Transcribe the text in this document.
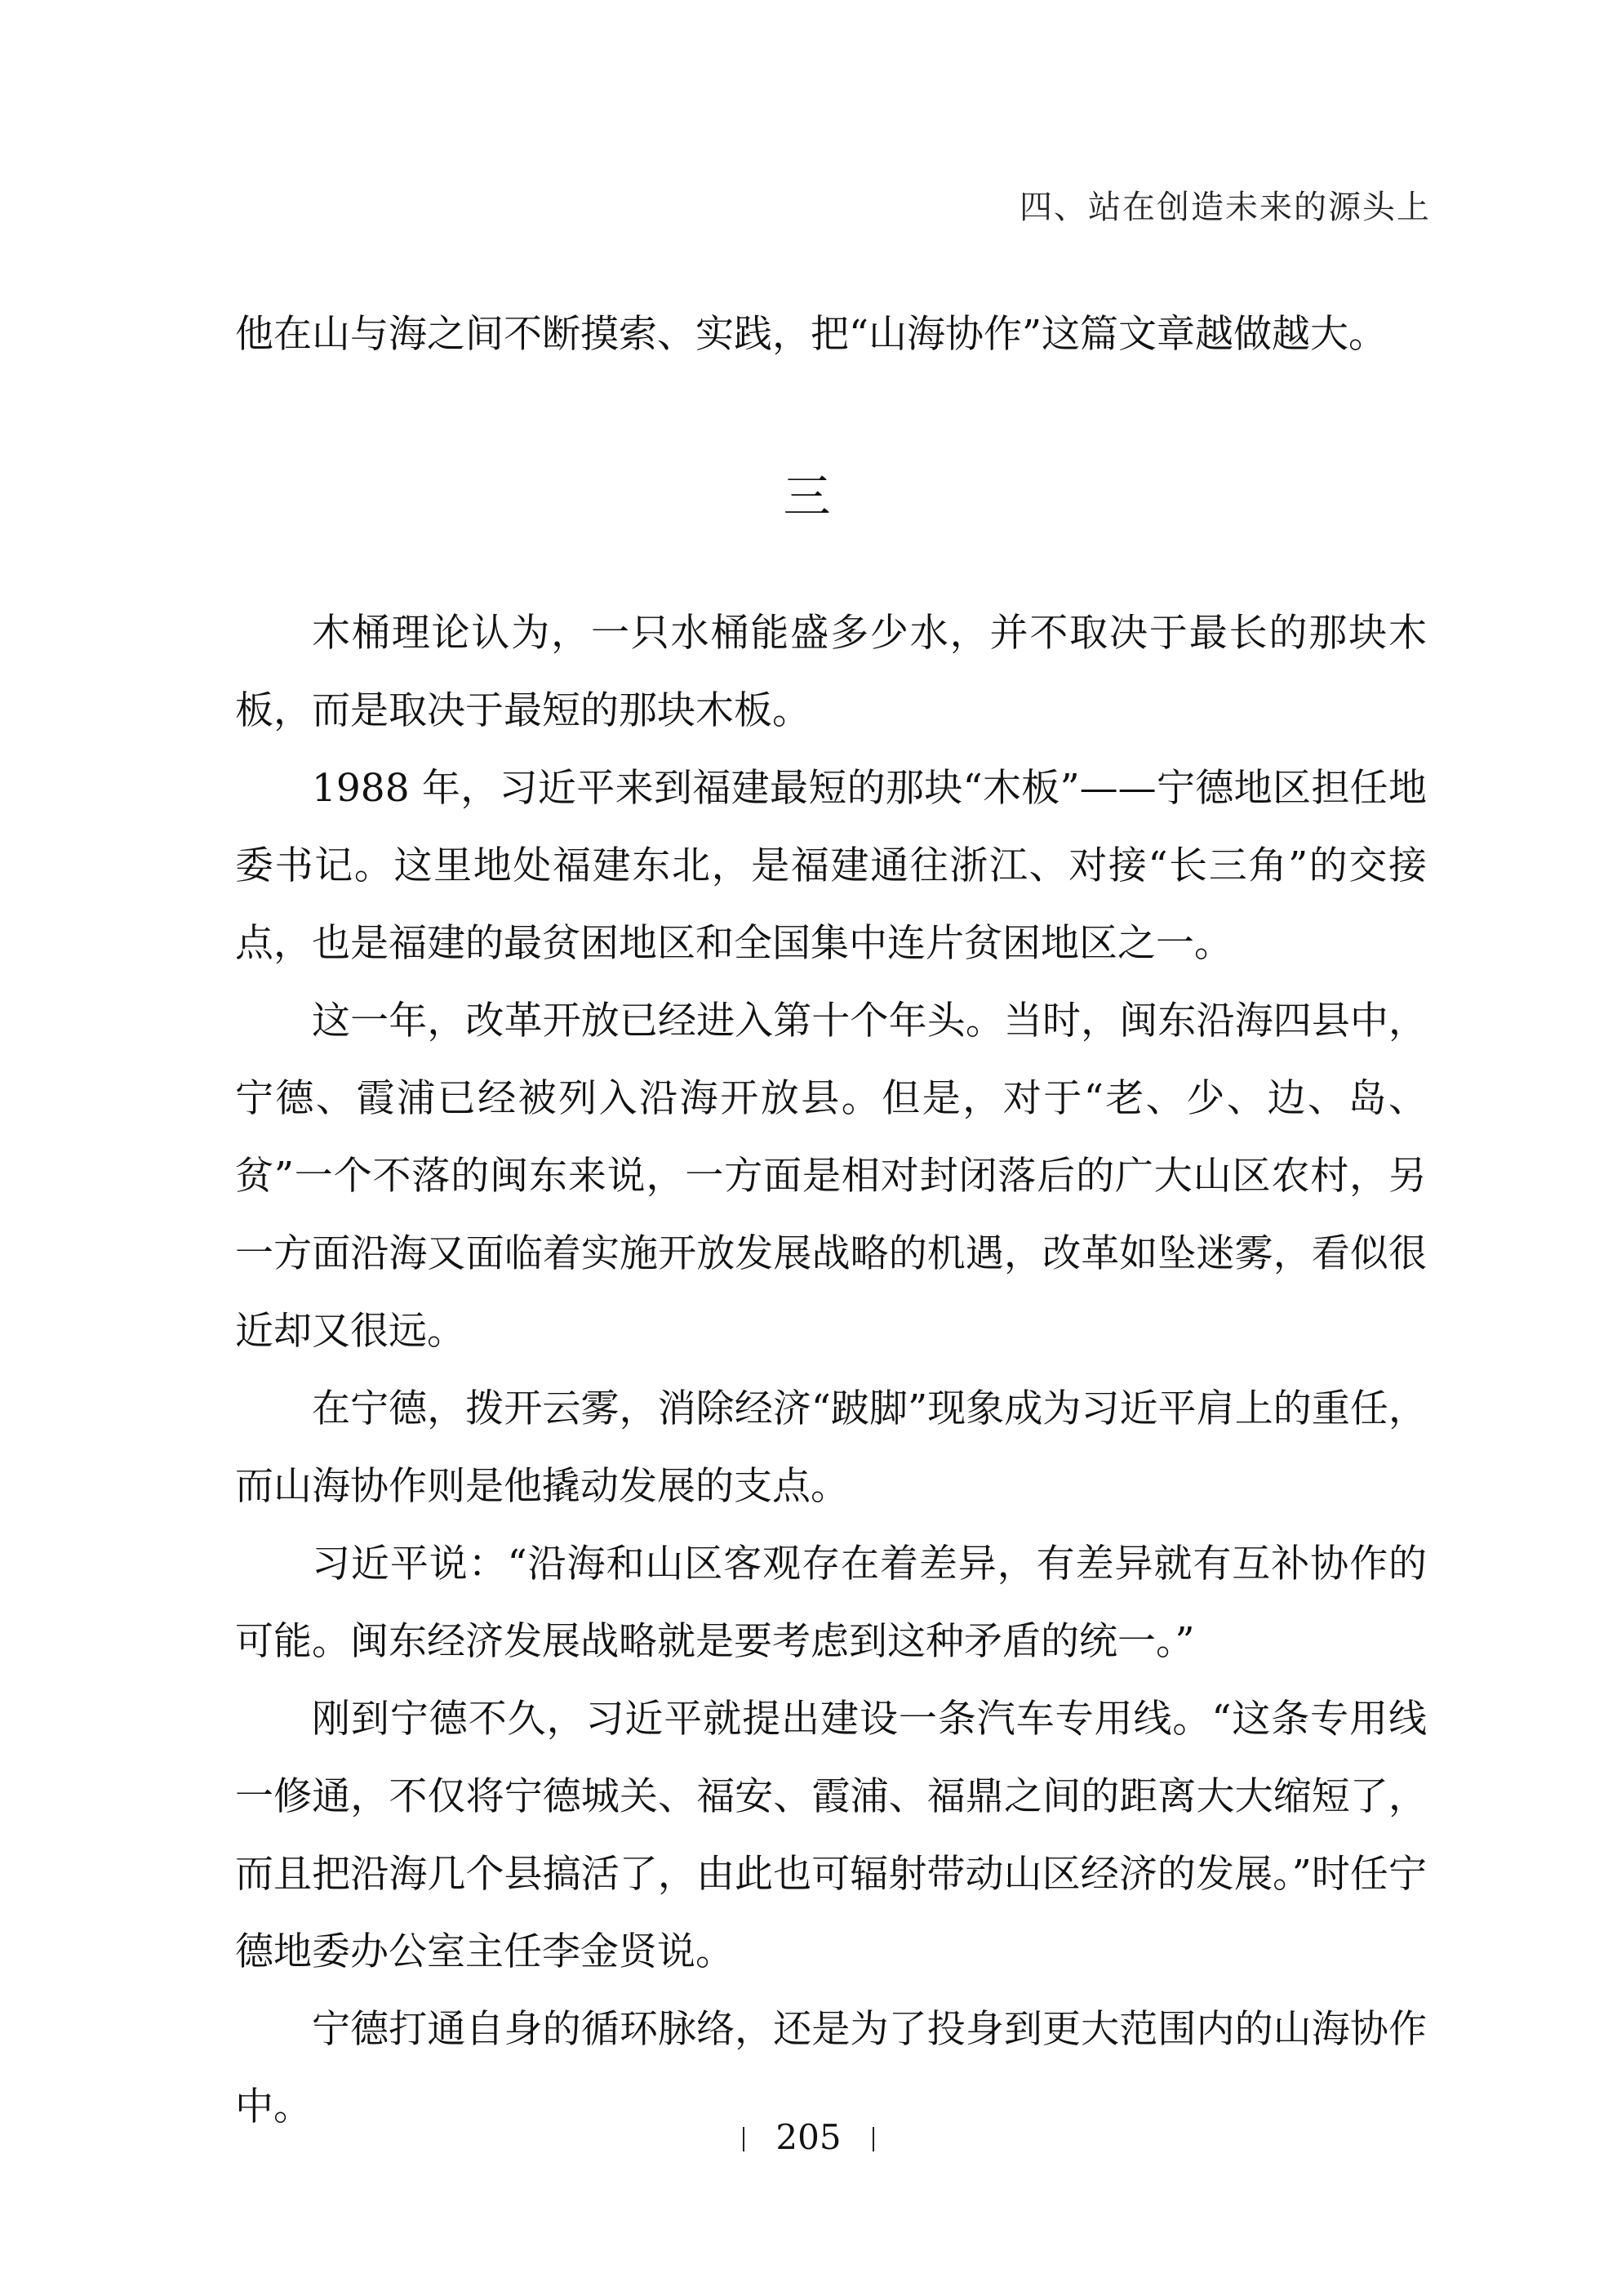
四、站在创造未来的源头上
他在山与海之间不断摸索、实践，把“山海协作”这篇文章越做越大。
三

木桶理论认为，一只水桶能盛多少水，并不取决于最长的那块木板，而是取决于最短的那块木板。

1988 年，习近平来到福建最短的那块“木板”——宁德地区担任地委书记。这里地处福建东北，是福建通往浙江、对接“长三角”的交接点，也是福建的最贫困地区和全国集中连片贫困地区之一。

这一年，改革开放已经进入第十个年头。当时，闽东沿海四县中，宁德、霞浦已经被列入沿海开放县。但是，对于“老、少、边、岛、贫”一个不落的闽东来说，一方面是相对封闭落后的广大山区农村，另一方面沿海又面临着实施开放发展战略的机遇，改革如坠迷雾，看似很近却又很远。

在宁德，拨开云雾，消除经济“跛脚”现象成为习近平肩上的重任，而山海协作则是他撬动发展的支点。

习近平说：“沿海和山区客观存在着差异，有差异就有互补协作的可能。闽东经济发展战略就是要考虑到这种矛盾的统一。”

刚到宁德不久，习近平就提出建设一条汽车专用线。“这条专用线一修通，不仅将宁德城关、福安、霞浦、福鼎之间的距离大大缩短了，而且把沿海几个县搞活了，由此也可辐射带动山区经济的发展。”时任宁德地委办公室主任李金贤说。

宁德打通自身的循环脉络，还是为了投身到更大范围内的山海协作中。

205
